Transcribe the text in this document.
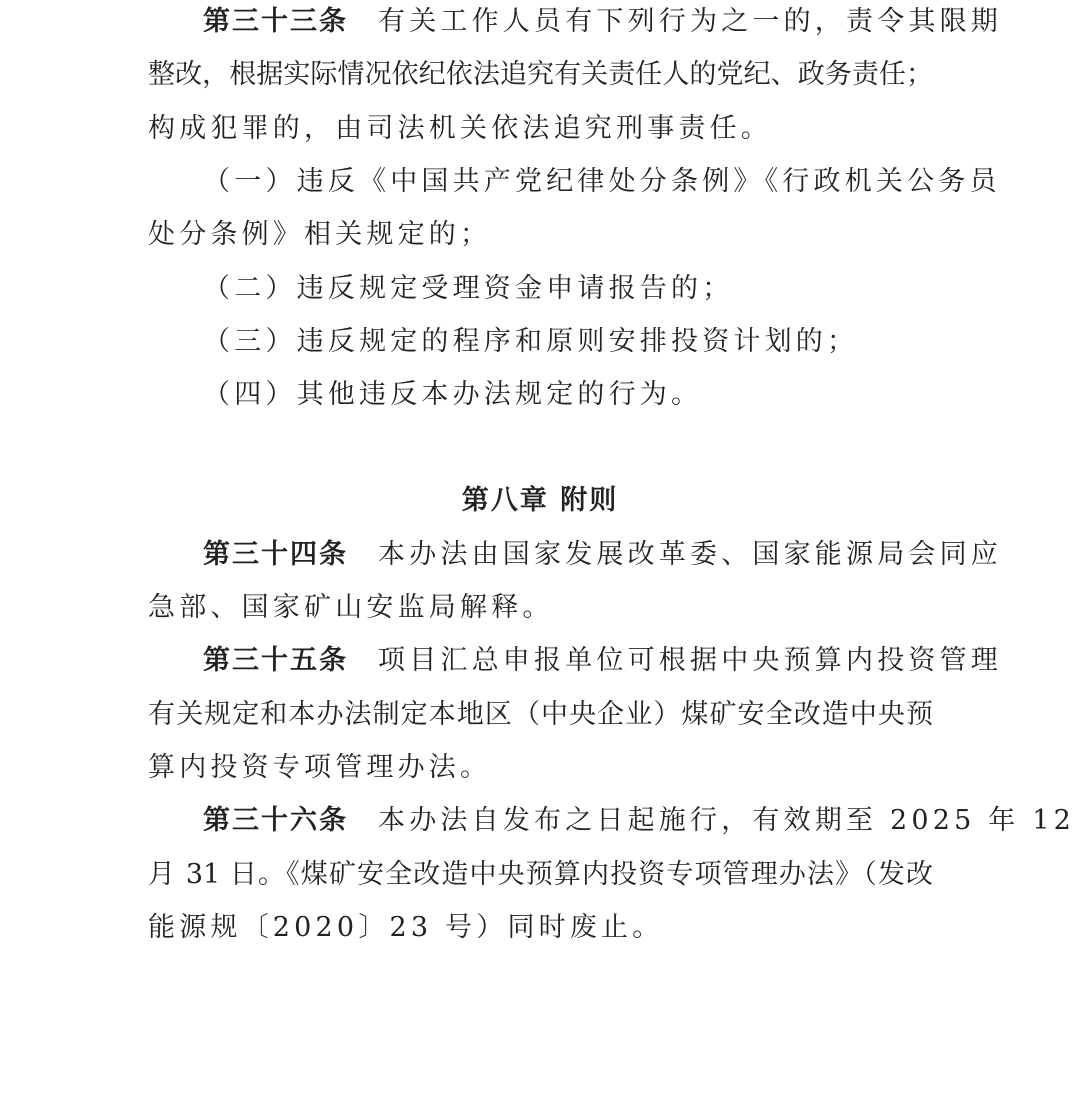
第三十三条 有关工作人员有下列行为之一的，责令其限期
整改，根据实际情况依纪依法追究有关责任人的党纪、政务责任；
构成犯罪的，由司法机关依法追究刑事责任。
（一）违反《中国共产党纪律处分条例》《行政机关公务员
处分条例》相关规定的；
（二）违反规定受理资金申请报告的；
（三）违反规定的程序和原则安排投资计划的；
（四）其他违反本办法规定的行为。
第八章 附则
第三十四条 本办法由国家发展改革委、国家能源局会同应
急部、国家矿山安监局解释。
第三十五条 项目汇总申报单位可根据中央预算内投资管理
有关规定和本办法制定本地区（中央企业）煤矿安全改造中央预
算内投资专项管理办法。
第三十六条 本办法自发布之日起施行，有效期至 2025 年 12
月 31 日。《煤矿安全改造中央预算内投资专项管理办法》（发改
能源规〔2020〕23 号）同时废止。
